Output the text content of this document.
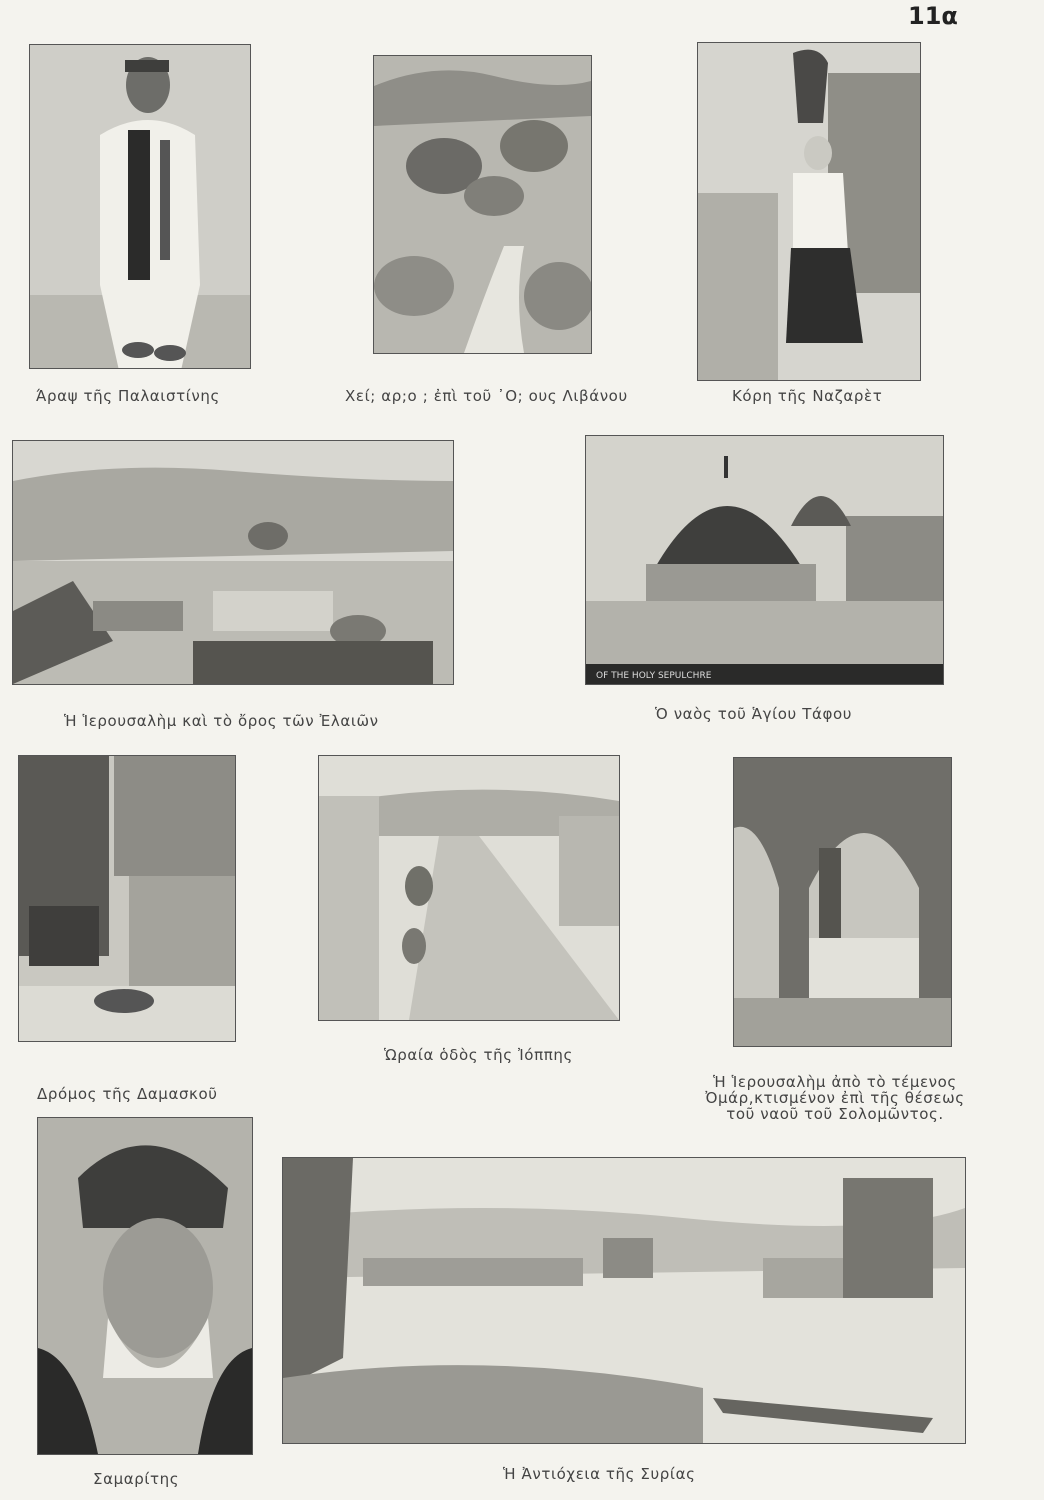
11α
Άραψ τῆς Παλαιστίνης	Χεί; αρ;ο ; ἐπὶ τοῦ ᾿Ο; ους Λιβάνου	Κόρη τῆς Ναζαρὲτ
Ἡ Ἱερουσαλὴμ καὶ τὸ ὄρος τῶν Ἐλαιῶν
OF THE HOLY SEPULCHRE
Ὁ ναὸς τοῦ Ἁγίου Τάφου
Δρόμος τῆς Δαμασκοῦ
Ὡραία ὁδὸς τῆς Ἰόππης
Ἡ Ἱερουσαλὴμ ἀπὸ τὸ τέμενος
Ὀμάρ,κτισμένον ἐπὶ τῆς θέσεως
τοῦ ναοῦ τοῦ Σολομῶντος.
Σαμαρίτης	Ἡ Ἀντιόχεια τῆς Συρίας
